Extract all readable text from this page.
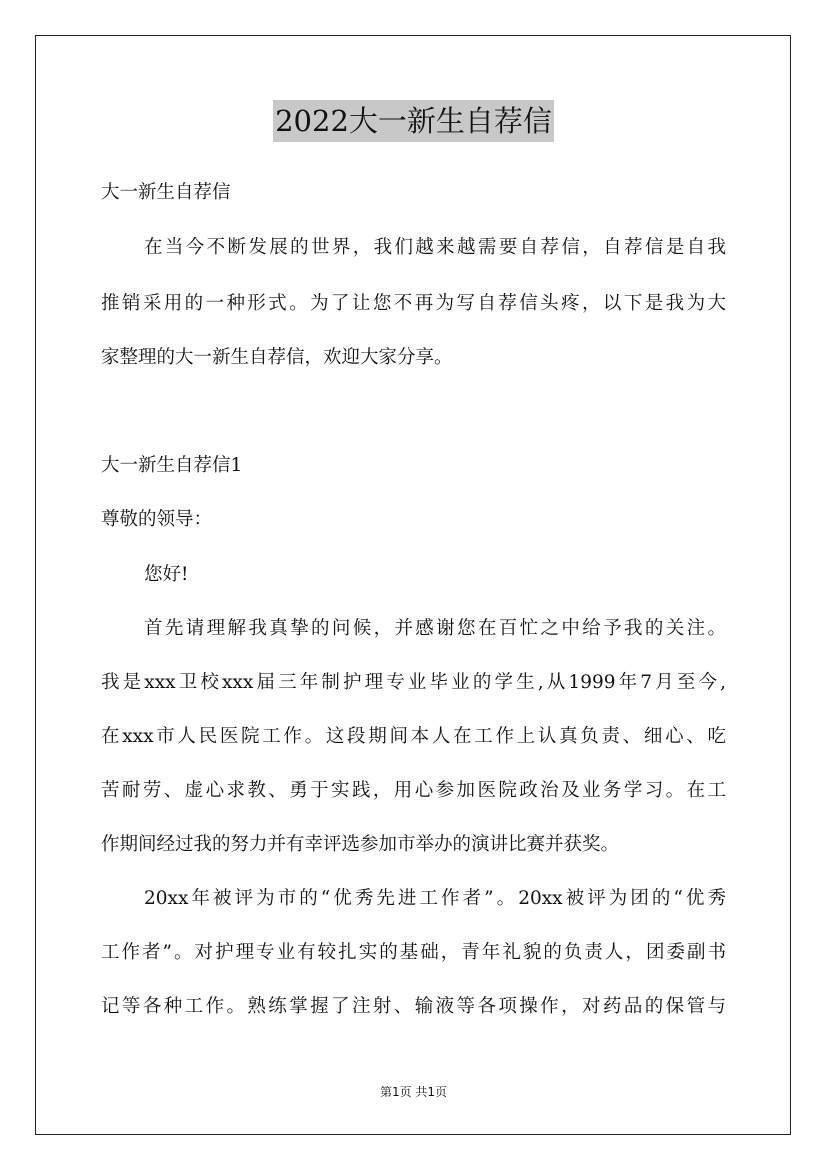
2022大一新生自荐信
大一新生自荐信
在当今不断发展的世界，我们越来越需要自荐信，自荐信是自我
推销采用的一种形式。为了让您不再为写自荐信头疼，以下是我为大
家整理的大一新生自荐信，欢迎大家分享。
大一新生自荐信1
尊敬的领导：
您好!
首先请理解我真挚的问候，并感谢您在百忙之中给予我的关注。
我是xxx卫校xxx届三年制护理专业毕业的学生,从1999年7月至今,
在xxx市人民医院工作。这段期间本人在工作上认真负责、细心、吃
苦耐劳、虚心求教、勇于实践，用心参加医院政治及业务学习。在工
作期间经过我的努力并有幸评选参加市举办的演讲比赛并获奖。
20xx年被评为市的“优秀先进工作者”。20xx被评为团的“优秀
工作者”。对护理专业有较扎实的基础，青年礼貌的负责人，团委副书
记等各种工作。熟练掌握了注射、输液等各项操作，对药品的保管与
第1页 共1页
